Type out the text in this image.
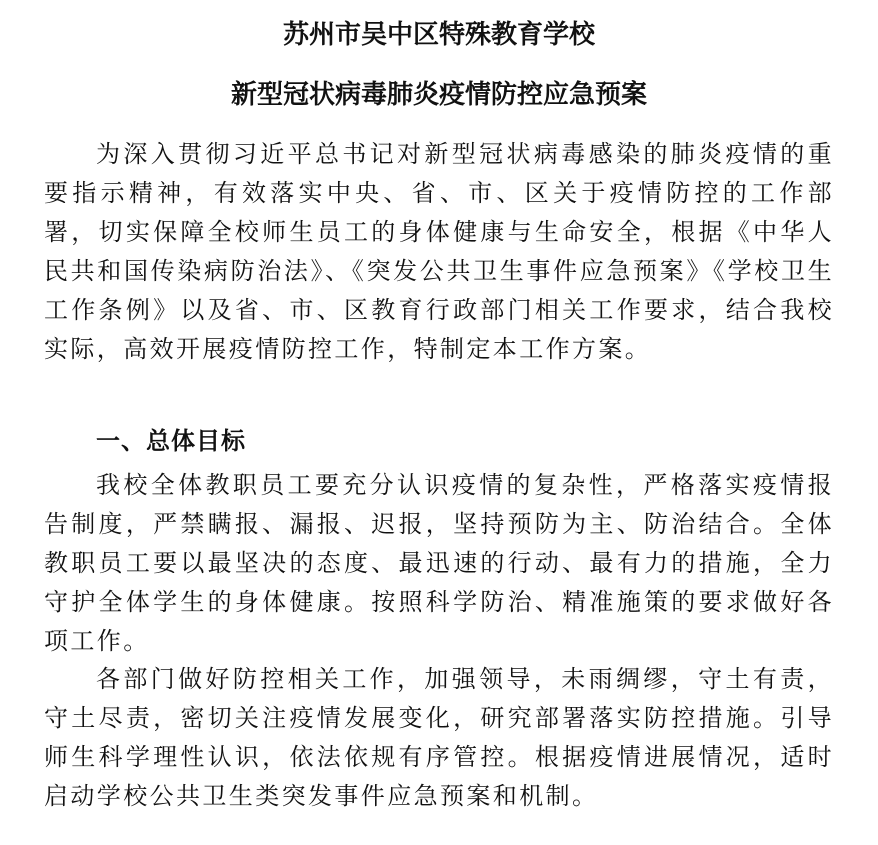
苏州市吴中区特殊教育学校
新型冠状病毒肺炎疫情防控应急预案

为深入贯彻习近平总书记对新型冠状病毒感染的肺炎疫情的重要指示精神，有效落实中央、省、市、区关于疫情防控的工作部署，切实保障全校师生员工的身体健康与生命安全，根据《中华人民共和国传染病防治法》、《突发公共卫生事件应急预案》《学校卫生工作条例》以及省、市、区教育行政部门相关工作要求，结合我校实际，高效开展疫情防控工作，特制定本工作方案。

一、总体目标

我校全体教职员工要充分认识疫情的复杂性，严格落实疫情报告制度，严禁瞒报、漏报、迟报，坚持预防为主、防治结合。全体教职员工要以最坚决的态度、最迅速的行动、最有力的措施，全力守护全体学生的身体健康。按照科学防治、精准施策的要求做好各项工作。

各部门做好防控相关工作，加强领导，未雨绸缪，守土有责，守土尽责，密切关注疫情发展变化，研究部署落实防控措施。引导师生科学理性认识，依法依规有序管控。根据疫情进展情况，适时启动学校公共卫生类突发事件应急预案和机制。
